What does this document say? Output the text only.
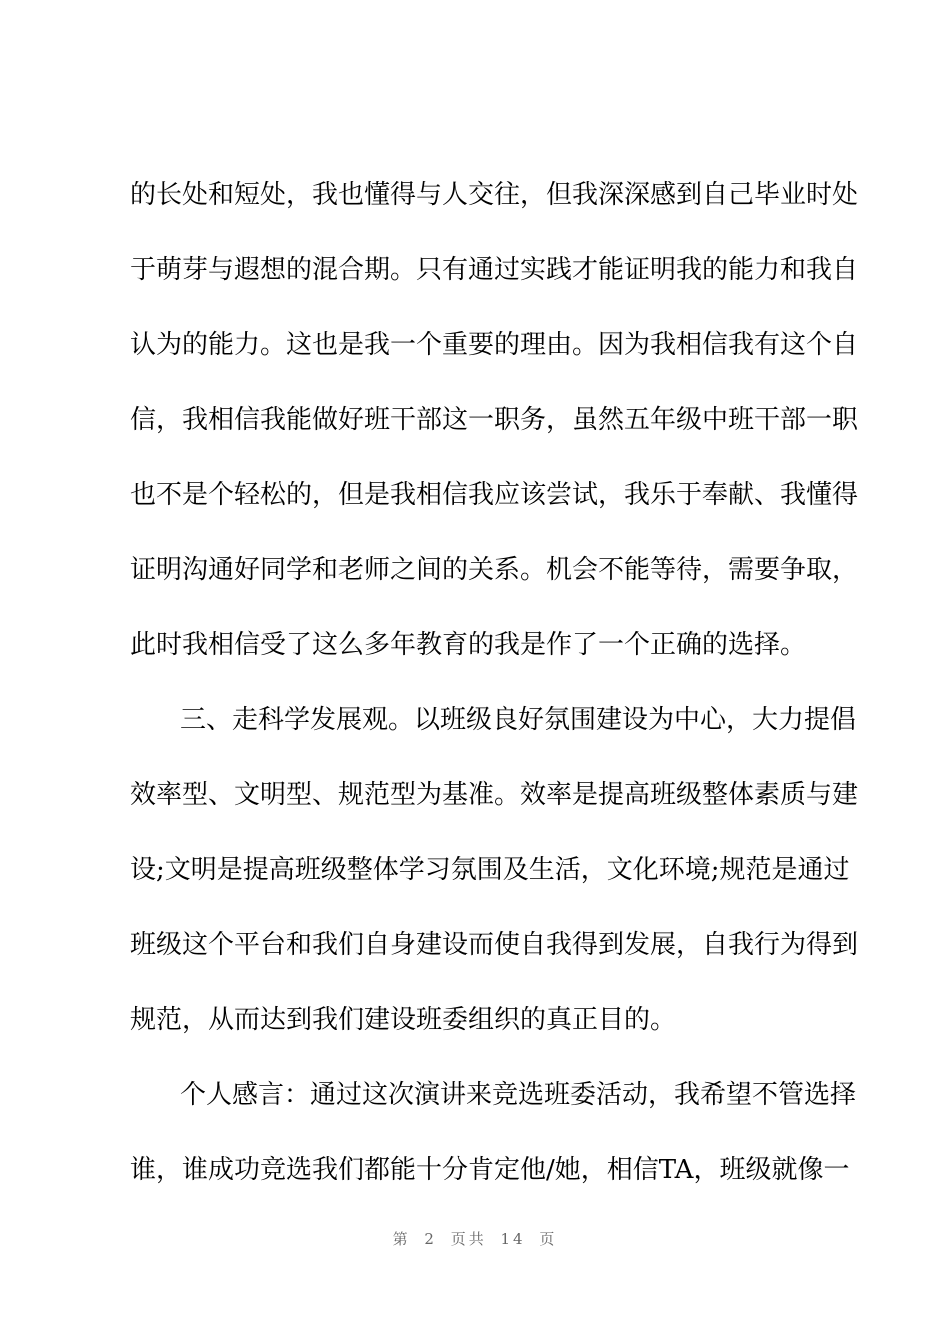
的长处和短处，我也懂得与人交往，但我深深感到自己毕业时处
于萌芽与遐想的混合期。只有通过实践才能证明我的能力和我自
认为的能力。这也是我一个重要的理由。因为我相信我有这个自
信，我相信我能做好班干部这一职务，虽然五年级中班干部一职
也不是个轻松的，但是我相信我应该尝试，我乐于奉献、我懂得
证明沟通好同学和老师之间的关系。机会不能等待，需要争取，
此时我相信受了这么多年教育的我是作了一个正确的选择。
三、走科学发展观。以班级良好氛围建设为中心，大力提倡
效率型、文明型、规范型为基准。效率是提高班级整体素质与建
设;文明是提高班级整体学习氛围及生活，文化环境;规范是通过
班级这个平台和我们自身建设而使自我得到发展，自我行为得到
规范，从而达到我们建设班委组织的真正目的。
个人感言：通过这次演讲来竞选班委活动，我希望不管选择
谁，谁成功竞选我们都能十分肯定他/她，相信TA，班级就像一
第 2 页共 14 页
